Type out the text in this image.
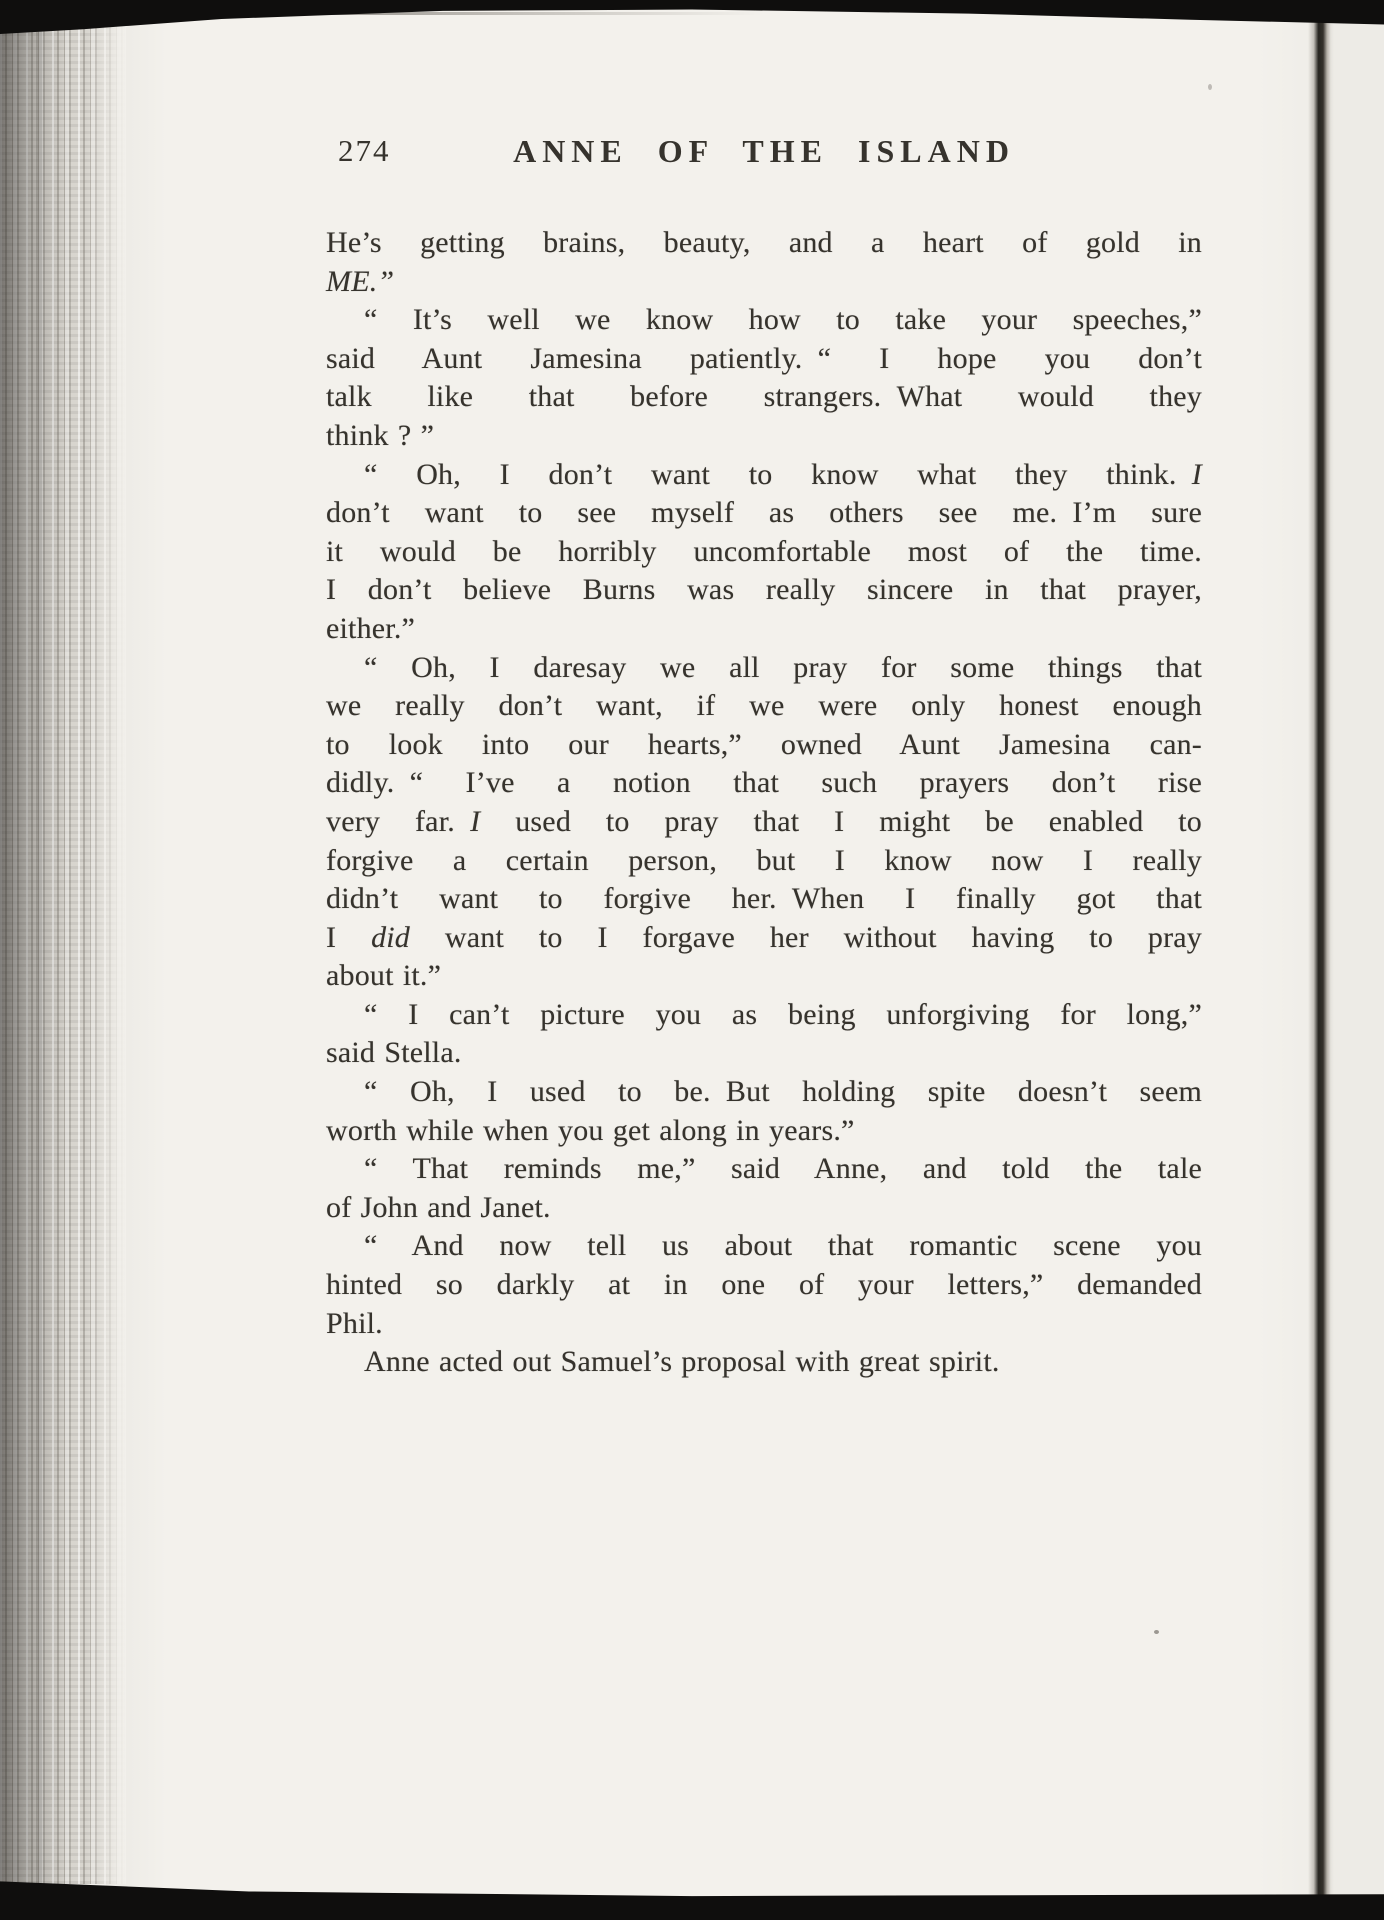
274	ANNE OF THE ISLAND
He’s getting brains, beauty, and a heart of gold in
ME.”
“ It’s well we know how to take your speeches,”
said Aunt Jamesina patiently. “ I hope you don’t
talk like that before strangers. What would they
think ? ”
“ Oh, I don’t want to know what they think. I
don’t want to see myself as others see me. I’m sure
it would be horribly uncomfortable most of the time.
I don’t believe Burns was really sincere in that prayer,
either.”
“ Oh, I daresay we all pray for some things that
we really don’t want, if we were only honest enough
to look into our hearts,” owned Aunt Jamesina can-
didly. “ I’ve a notion that such prayers don’t rise
very far. I used to pray that I might be enabled to
forgive a certain person, but I know now I really
didn’t want to forgive her. When I finally got that
I did want to I forgave her without having to pray
about it.”
“ I can’t picture you as being unforgiving for long,”
said Stella.
“ Oh, I used to be. But holding spite doesn’t seem
worth while when you get along in years.”
“ That reminds me,” said Anne, and told the tale
of John and Janet.
“ And now tell us about that romantic scene you
hinted so darkly at in one of your letters,” demanded
Phil.
Anne acted out Samuel’s proposal with great spirit.
